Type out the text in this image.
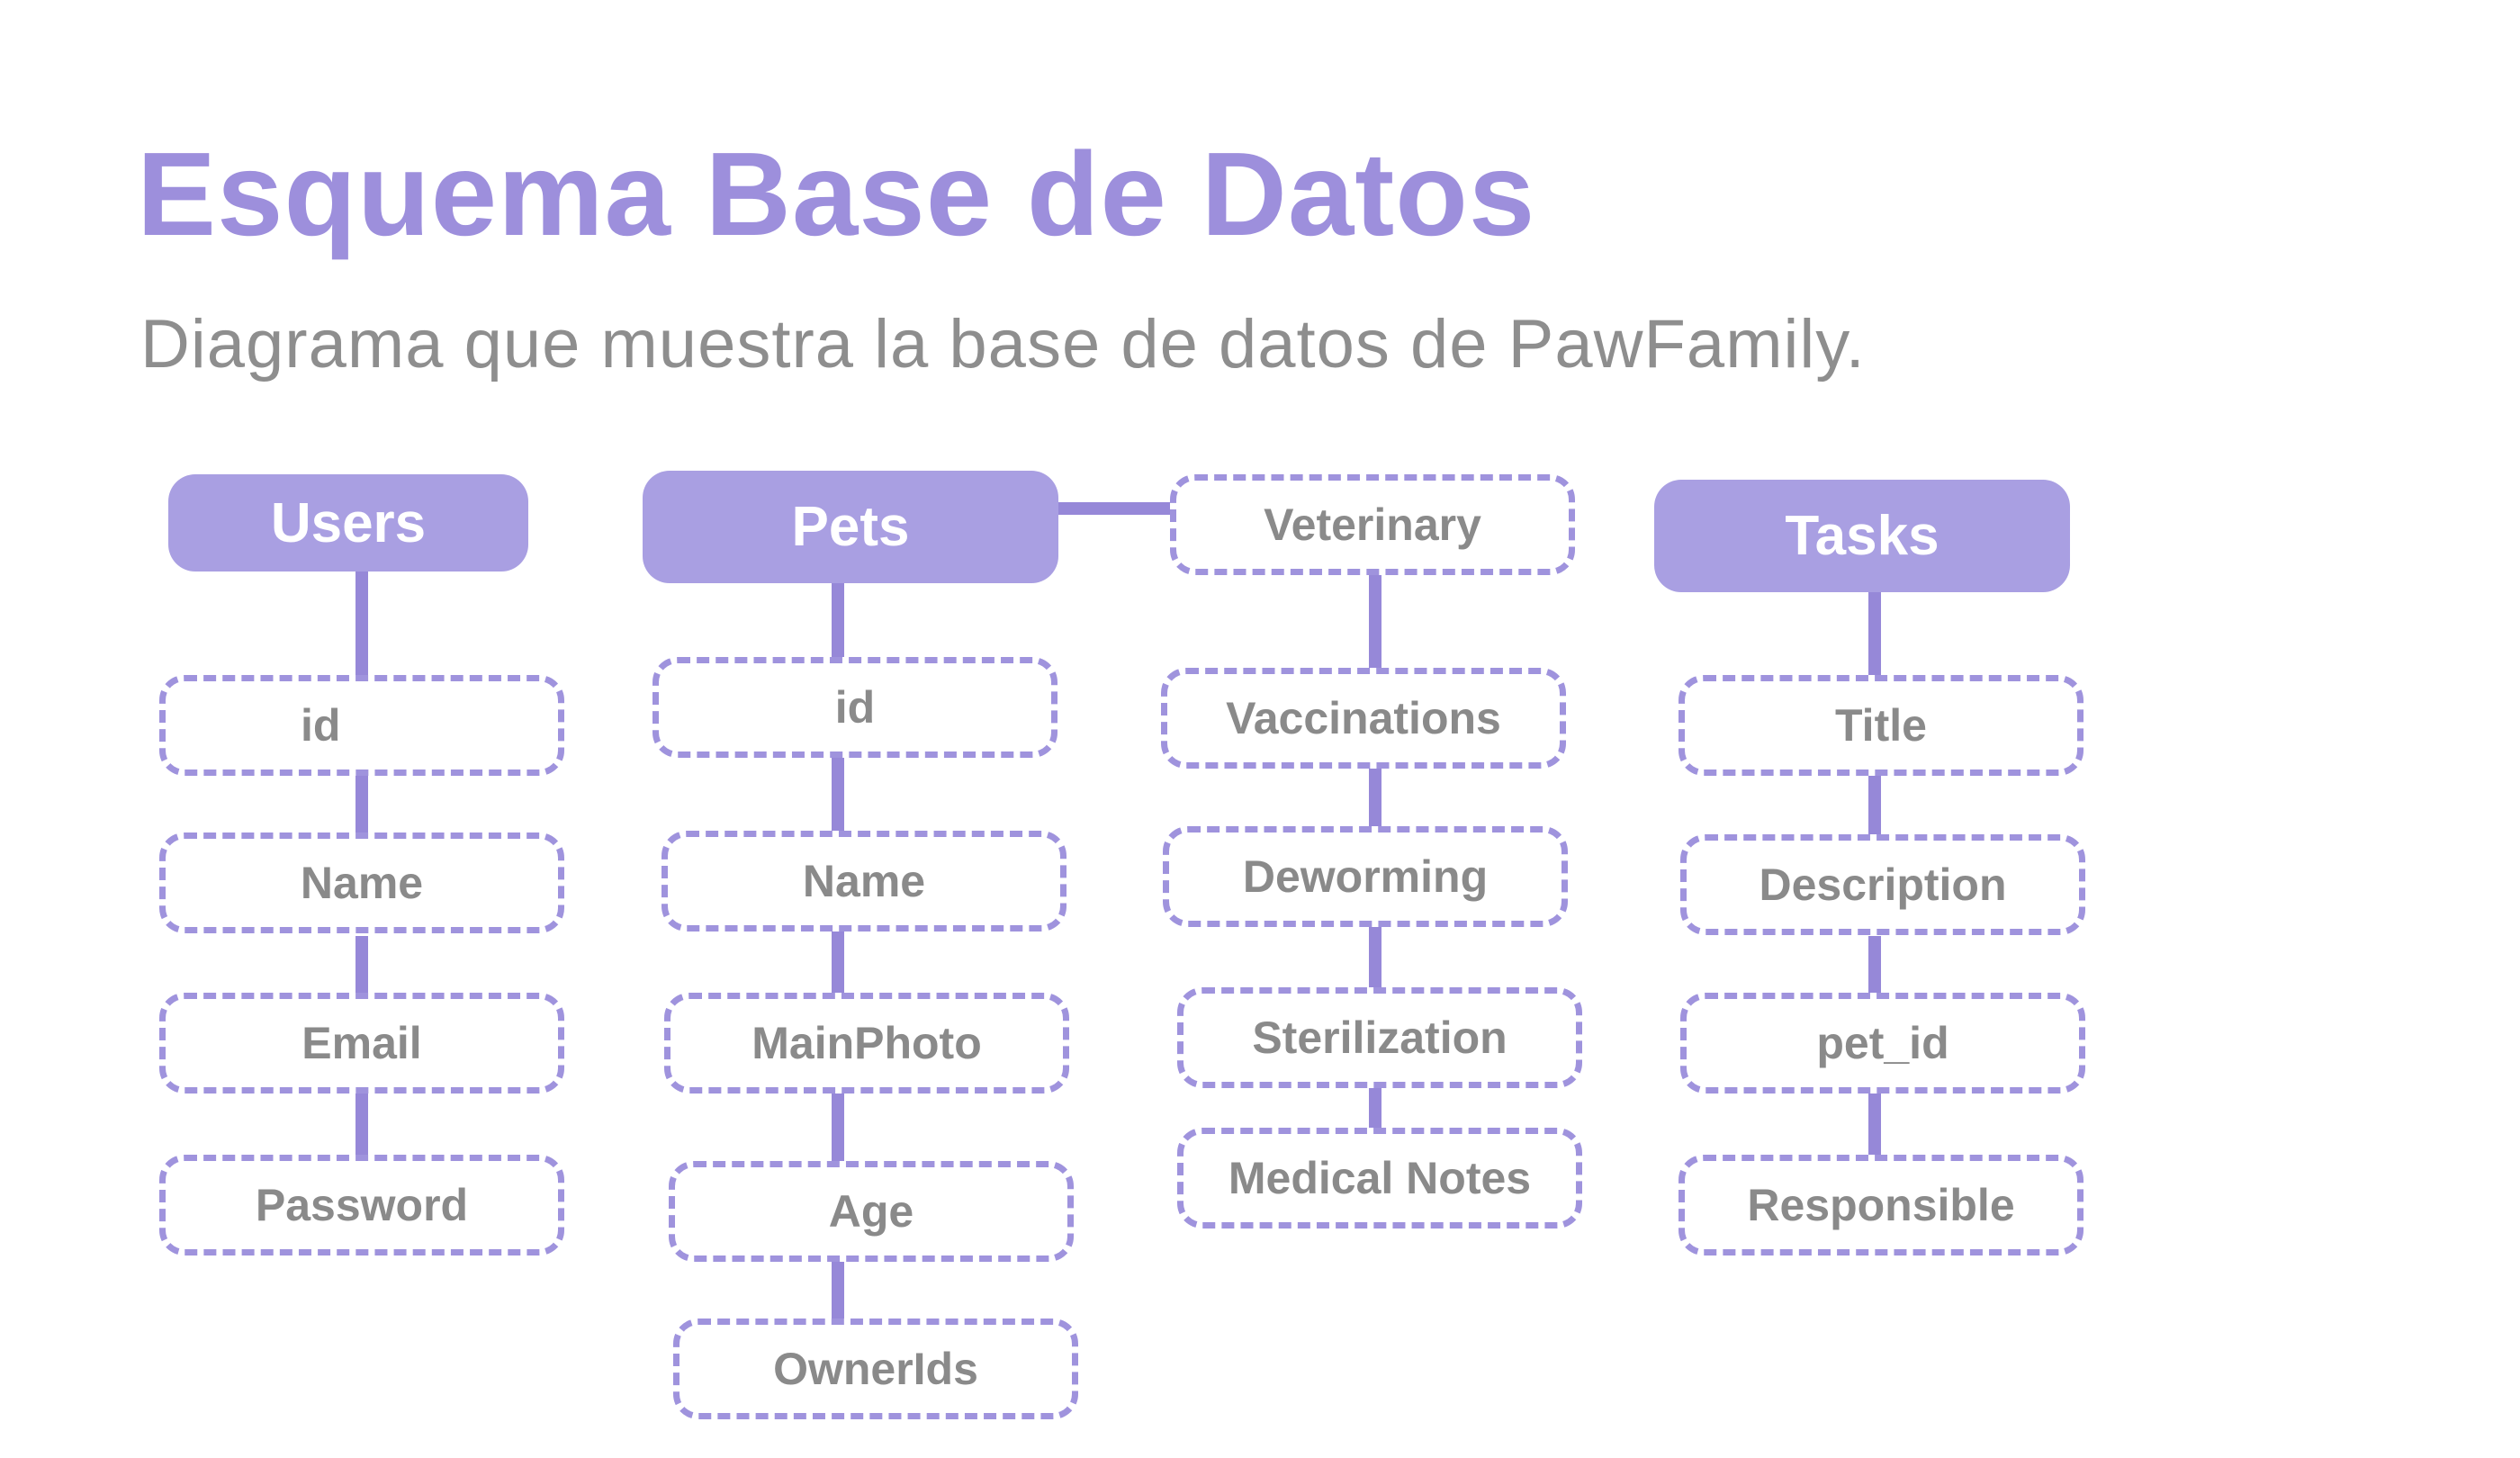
Esquema Base de Datos
Diagrama que muestra la base de datos de PawFamily.
Users
id
Name
Email
Password
Pets
id
Name
MainPhoto
Age
OwnerIds
Veterinary
Vaccinations
Deworming
Sterilization
Medical Notes
Tasks
Title
Description
pet_id
Responsible
